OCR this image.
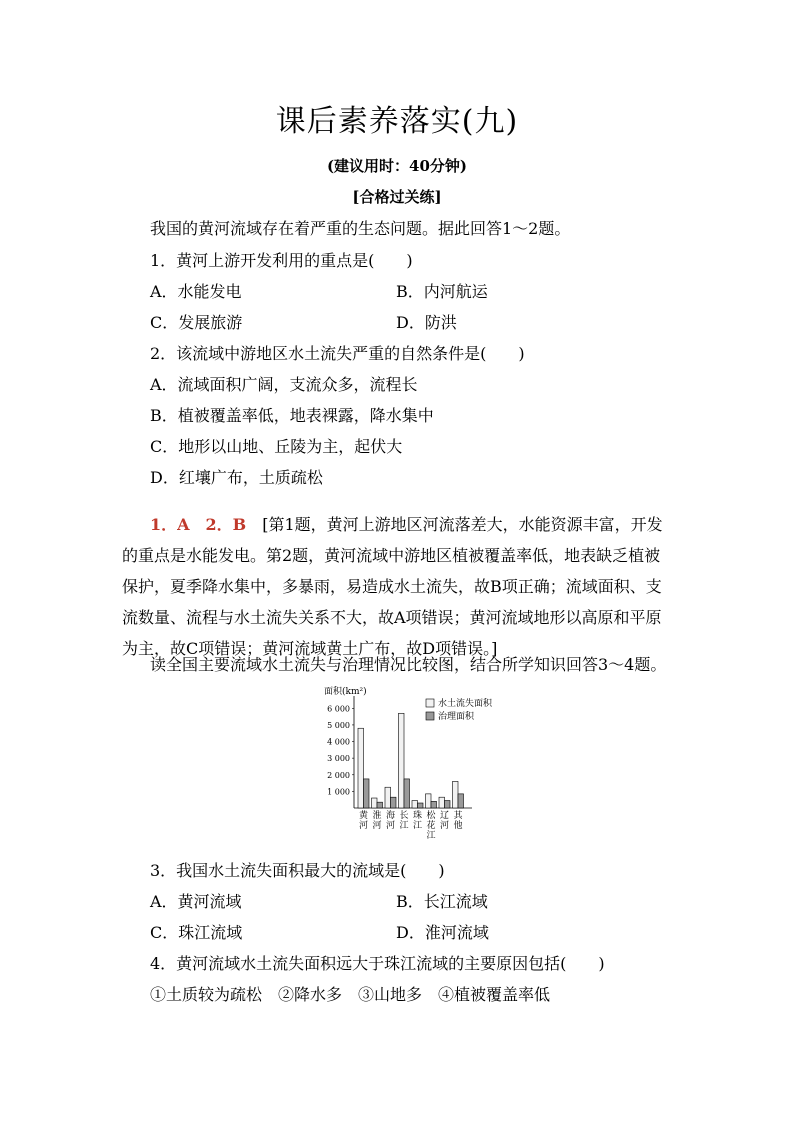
课后素养落实(九)
(建议用时：40分钟)
[合格过关练]
我国的黄河流域存在着严重的生态问题。据此回答1～2题。
1．黄河上游开发利用的重点是(　　)
A．水能发电	B．内河航运
C．发展旅游	D．防洪
2．该流域中游地区水土流失严重的自然条件是(　　)
A．流域面积广阔，支流众多，流程长
B．植被覆盖率低，地表裸露，降水集中
C．地形以山地、丘陵为主，起伏大
D．红壤广布，土质疏松

1．A　2．B　 [第1题，黄河上游地区河流落差大，水能资源丰富，开发的重点是水能发电。第2题，黄河流域中游地区植被覆盖率低，地表缺乏植被保护，夏季降水集中，多暴雨，易造成水土流失，故B项正确；流域面积、支流数量、流程与水土流失关系不大，故A项错误；黄河流域地形以高原和平原为主，故C项错误；黄河流域黄土广布，故D项错误。]

读全国主要流域水土流失与治理情况比较图，结合所学知识回答3～4题。
面积(km²)
1 000
2 000
3 000
4 000
5 000
6 000
黄
河
淮
河
海
河
长
江
珠
江
松
花
江
辽
河
其
他
水土流失面积
治理面积
3．我国水土流失面积最大的流域是(　　)
A．黄河流域	B．长江流域
C．珠江流域	D．淮河流域
4．黄河流域水土流失面积远大于珠江流域的主要原因包括(　　)
①土质较为疏松　②降水多　③山地多　④植被覆盖率低
